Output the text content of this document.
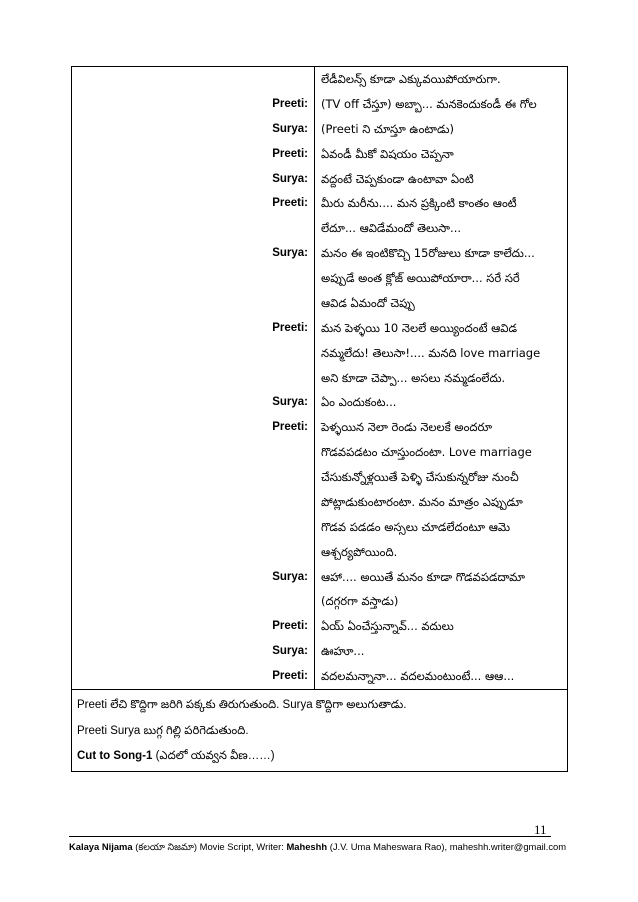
లేడీవిలన్స్ కూడా ఎక్కువయిపోయారుగా.
Preeti:	(TV off చేస్తూ) అబ్బా... మనకెందుకండీ ఈ గోల
Surya:	(Preeti ని చూస్తూ ఉంటాడు)
Preeti:	ఏవండీ మీకో విషయం చెప్పనా
Surya:	వద్దంటే చెప్పకుండా ఉంటావా ఏంటి
Preeti:	మీరు మరీను.... మన ప్రక్కింటి కాంతం ఆంటీ
లేదూ... ఆవిడేమందో తెలుసా...
Surya:	మనం ఈ ఇంటికొచ్చి 15రోజులు కూడా కాలేదు...
అప్పుడే అంత క్లోజ్ అయిపోయారా... సరే సరే
ఆవిడ ఏమందో చెప్పు
Preeti:	మన పెళ్ళయి 10 నెలలే అయ్యిందంటే ఆవిడ
నమ్మలేదు! తెలుసా!.... మనది love marriage
అని కూడా చెప్పా... అసలు నమ్మడంలేదు.
Surya:	ఏం ఎందుకంట...
Preeti:	పెళ్ళయిన నెలా రెండు నెలలకే అందరూ
గొడవపడటం చూస్తుందంటా. Love marriage
చేసుకున్నోళ్లయితే పెళ్ళి చేసుకున్నరోజు నుంచీ
పోట్లాడుకుంటారంటా. మనం మాత్రం ఎప్పుడూ
గొడవ పడడం అస్సలు చూడలేదంటూ ఆమె
ఆశ్చర్యపోయింది.
Surya:	ఆహా.... అయితే మనం కూడా గొడవపడదామా
(దగ్గరగా వస్తాడు)
Preeti:	ఏయ్ ఏంచేస్తున్నావ్... వదులు
Surya:	ఊహూ...
Preeti:	వదలమన్నానా... వదలమంటుంటే... ఆఆ...
Preeti లేచి కొద్దిగా జరిగి పక్కకు తిరుగుతుంది. Surya కొద్దిగా అలుగుతాడు.
Preeti Surya బుగ్గ గిల్లి పరిగెడుతుంది.
Cut to Song-1 (ఎదలో యవ్వన వీణ……)
11
Kalaya Nijama (కలయా నిజమా) Movie Script, Writer: Maheshh (J.V. Uma Maheswara Rao), maheshh.writer@gmail.com
